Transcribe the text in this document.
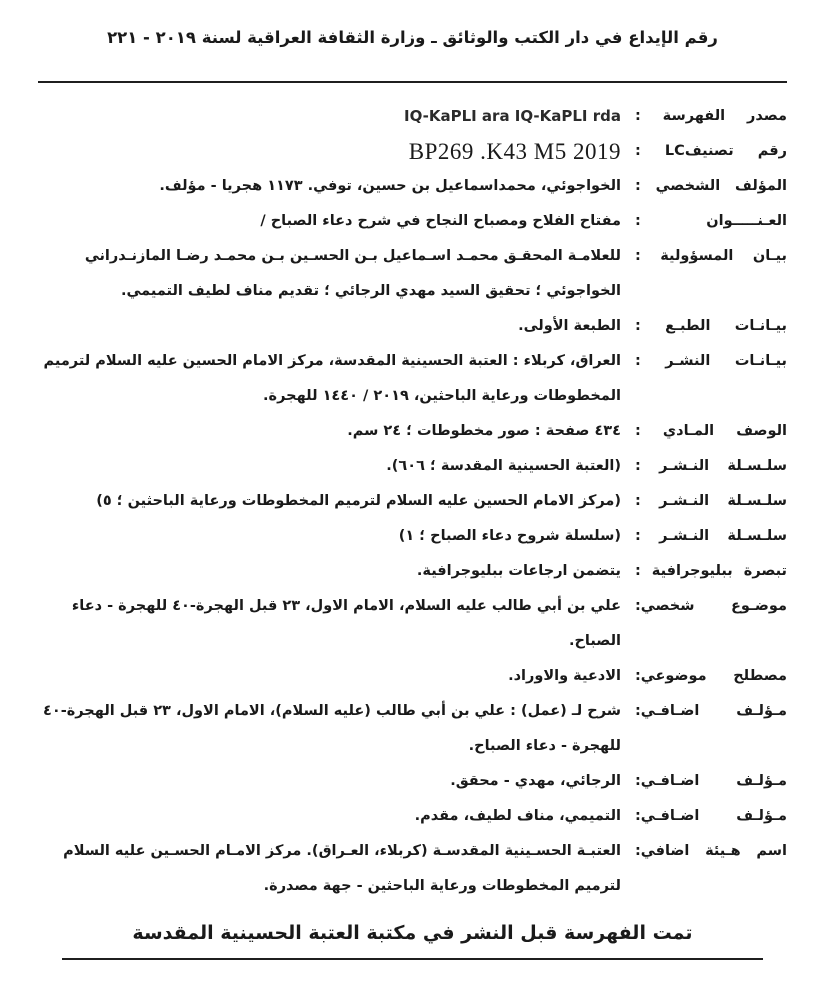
رقم الإيداع في دار الكتب والوثائق ـ وزارة الثقافة العراقية لسنة ٢٠١٩ - ٢٢١
مصدر الفهرسة :
IQ-KaPLI ara IQ-KaPLI rda
رقم تصنيفLC :
BP269 .K43 M5 2019
المؤلف الشخصي :
الخواجوئي، محمداسماعيل بن حسين، توفي. ١١٧٣ هجريا - مؤلف.
العـنـــــوان :
مفتاح الفلاح ومصباح النجاح في شرح دعاء الصباح /
بيـان المسؤولية :
للعلامـة المحقـق محمـد اسـماعيل بـن الحسـين بـن محمـد رضـا المازنـدراني الخواجوئي ؛ تحقيق السيد مهدي الرجائي ؛ تقديم مناف لطيف التميمي.
بيـانـات الطبـع :
الطبعة الأولى.
بيـانـات النشـر :
العراق، كربلاء : العتبة الحسينية المقدسة، مركز الامام الحسين عليه السلام لترميم المخطوطات ورعاية الباحثين، ٢٠١٩ / ١٤٤٠ للهجرة.
الوصف المـادي :
٤٣٤ صفحة : صور مخطوطات ؛ ٢٤ سم.
سلـسـلة النـشـر :
(العتبة الحسينية المقدسة ؛ ٦٠٦).
سلـسـلة النـشـر :
(مركز الامام الحسين عليه السلام لترميم المخطوطات ورعاية الباحثين ؛ ٥)
سلـسـلة النـشـر :
(سلسلة شروح دعاء الصباح ؛ ١)
تبصرة ببليوجرافية :
يتضمن ارجاعات ببليوجرافية.
موضـوع شخصي:
علي بن أبي طالب عليه السلام، الامام الاول، ٢٣ قبل الهجرة-٤٠ للهجرة - دعاء الصباح.
مصطلح موضوعي:
الادعية والاوراد.
مـؤلـف اضـافـي:
شرح لـ (عمل) : علي بن أبي طالب (عليه السلام)، الامام الاول، ٢٣ قبل الهجرة-٤٠ للهجرة - دعاء الصباح.
مـؤلـف اضـافـي:
الرجائي، مهدي - محقق.
مـؤلـف اضـافـي:
التميمي، مناف لطيف، مقدم.
اسم هـيئة اضافي:
العتبـة الحسـينية المقدسـة (كربلاء، العـراق). مركز الامـام الحسـين عليه السلام لترميم المخطوطات ورعاية الباحثين - جهة مصدرة.
تمت الفهرسة قبل النشر في مكتبة العتبة الحسينية المقدسة
